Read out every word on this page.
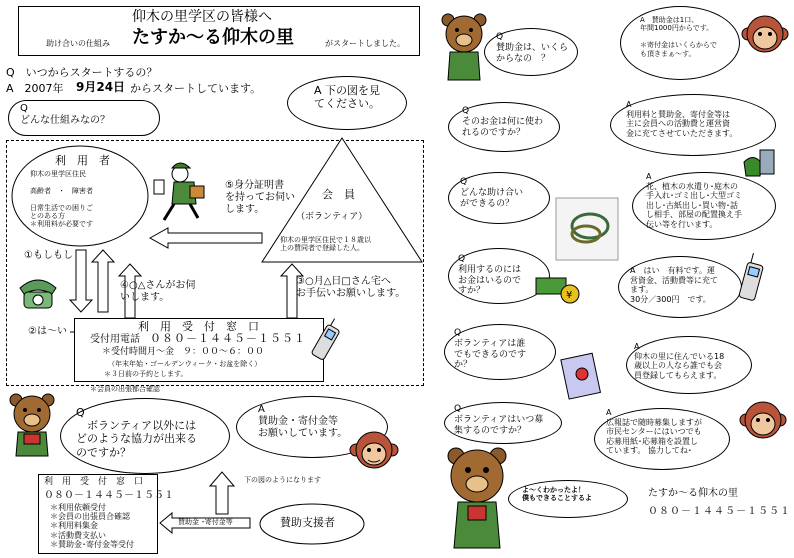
仰木の里学区の皆様へ
助け合いの仕組み たすか～る仰木の里	がスタートしました。
Q　いつからスタートするの？
A　2007年 9月24日 からスタートしています。
Q
どんな仕組みなの？
A 下の図を見
てください。
利　用　者
仰木の里学区住民

高齢者　・　障害者

日常生活での困りご
とのある方
＊利用料が必要です
会　員
（ボランティア）
仰木の里学区住民で１８歳以
上の賛同者で登録した人。
⑤身分証明書
を持ってお伺い
します。
①もしもし
④○△さんがお伺
いします。
③○月△日□さん宅へ
お手伝いお願いします。
②は～い	利　用　受　付　窓　口
受付用電話 ０８０－１４４５－１５５１
＊受付時間月～金　９：００～６：００
（年末年始・ゴールデンウィーク・お盆を除く）
＊３日前の予約とします。
＊会員の出張都合確認
Q
　ボランティア以外には
どのような協力が出来る
のですか？
A
賛助金・寄付金等
お願いしています。
下の図のようになります
賛助支援者
賛助金 ･寄付金等
利　用　受　付　窓　口
０８０－１４４５－１５５１
＊利用依頼受付
＊会員の出張員合確認
＊利用料集金
＊活動費支払い
＊賛助金･寄付金等受付
Q
賛助金は、いくら
からなの　？
A　賛助金は1口、
年間1000円からです。

＊寄付金はいくらからで
も頂きまぁ～す。
Q
そのお金は何に使わ
れるのですか？
A
利用料と賛助金、寄付金等は
主に会員への活動費と運営資
金に充てさせていただきます。
Q
どんな助け合い
ができるの？
A
花、植木の水遣り･庭木の
手入れ･ゴミ出し･大型ゴミ
出し･古紙出し･買い物･話
し相手、部屋の配置換え手
伝い等を行います。
Q
利用するのには
お金はいるので
すか？
A　はい　有料です。運
営資金、活動費等に充て
ます。
30分／300円　です。
Q
ボランティアは誰
でもできるのです
か？
A
仰木の里に住んでいる18
歳以上の人なら誰でも会
員登録してもらえます。
Q
ボランティアはいつ募
集するのですか？
A
広報誌で随時募集しますが
市民センターにはいつでも
応募用紙･応募箱を設置し
ています。 協力してね･
¥
よ～くわかったよ！
僕もできることするよ	たすか～る仰木の里
０８０－１４４５－１５５１
